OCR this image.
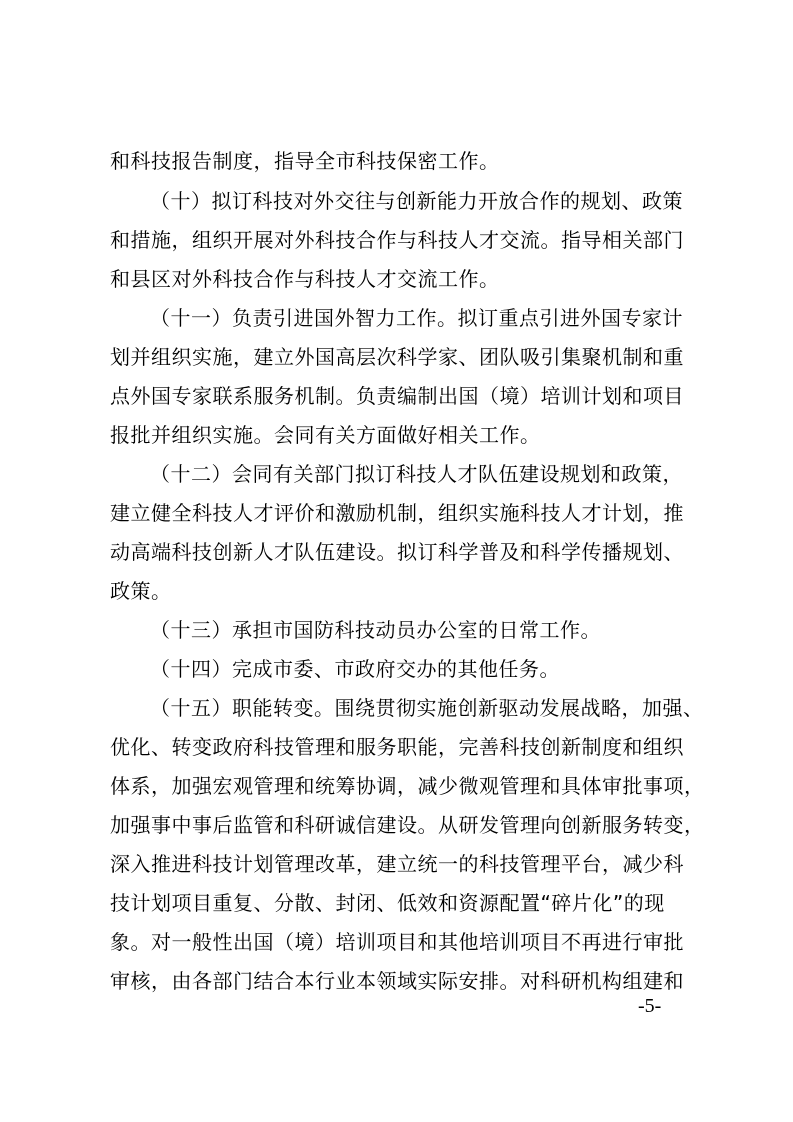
和科技报告制度，指导全市科技保密工作。
（十）拟订科技对外交往与创新能力开放合作的规划、政策
和措施，组织开展对外科技合作与科技人才交流。指导相关部门
和县区对外科技合作与科技人才交流工作。
（十一）负责引进国外智力工作。拟订重点引进外国专家计
划并组织实施，建立外国高层次科学家、团队吸引集聚机制和重
点外国专家联系服务机制。负责编制出国（境）培训计划和项目
报批并组织实施。会同有关方面做好相关工作。
（十二）会同有关部门拟订科技人才队伍建设规划和政策，
建立健全科技人才评价和激励机制，组织实施科技人才计划，推
动高端科技创新人才队伍建设。拟订科学普及和科学传播规划、
政策。
（十三）承担市国防科技动员办公室的日常工作。
（十四）完成市委、市政府交办的其他任务。
（十五）职能转变。围绕贯彻实施创新驱动发展战略，加强、
优化、转变政府科技管理和服务职能，完善科技创新制度和组织
体系，加强宏观管理和统筹协调，减少微观管理和具体审批事项，
加强事中事后监管和科研诚信建设。从研发管理向创新服务转变，
深入推进科技计划管理改革，建立统一的科技管理平台，减少科
技计划项目重复、分散、封闭、低效和资源配置“碎片化”的现
象。对一般性出国（境）培训项目和其他培训项目不再进行审批
审核，由各部门结合本行业本领域实际安排。对科研机构组建和
-5-
